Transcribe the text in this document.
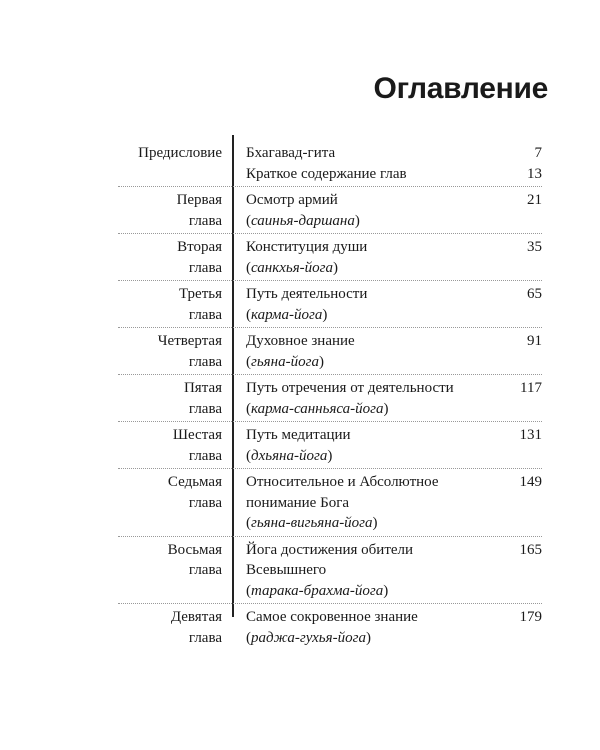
Оглавление
Предисловие Бхагавад-гита	7
Краткое содержание глав	13
Первая
глава
Осмотр армий
(саинья-даршана)
21
Вторая
глава
Конституция души
(санкхья-йога)
35
Третья
глава
Путь деятельности
(карма-йога)
65
Четвертая
глава
Духовное знание
(гьяна-йога)
91
Пятая
глава
Путь отречения от деятельности
(карма-санньяса-йога)
117
Шестая
глава
Путь медитации
(дхьяна-йога)
131
Седьмая
глава
Относительное и Абсолютное
понимание Бога
(гьяна-вигьяна-йога)
149
Восьмая
глава
Йога достижения обители
Всевышнего
(тарака-брахма-йога)
165
Девятая
глава
Самое сокровенное знание
(раджа-гухья-йога)
179
